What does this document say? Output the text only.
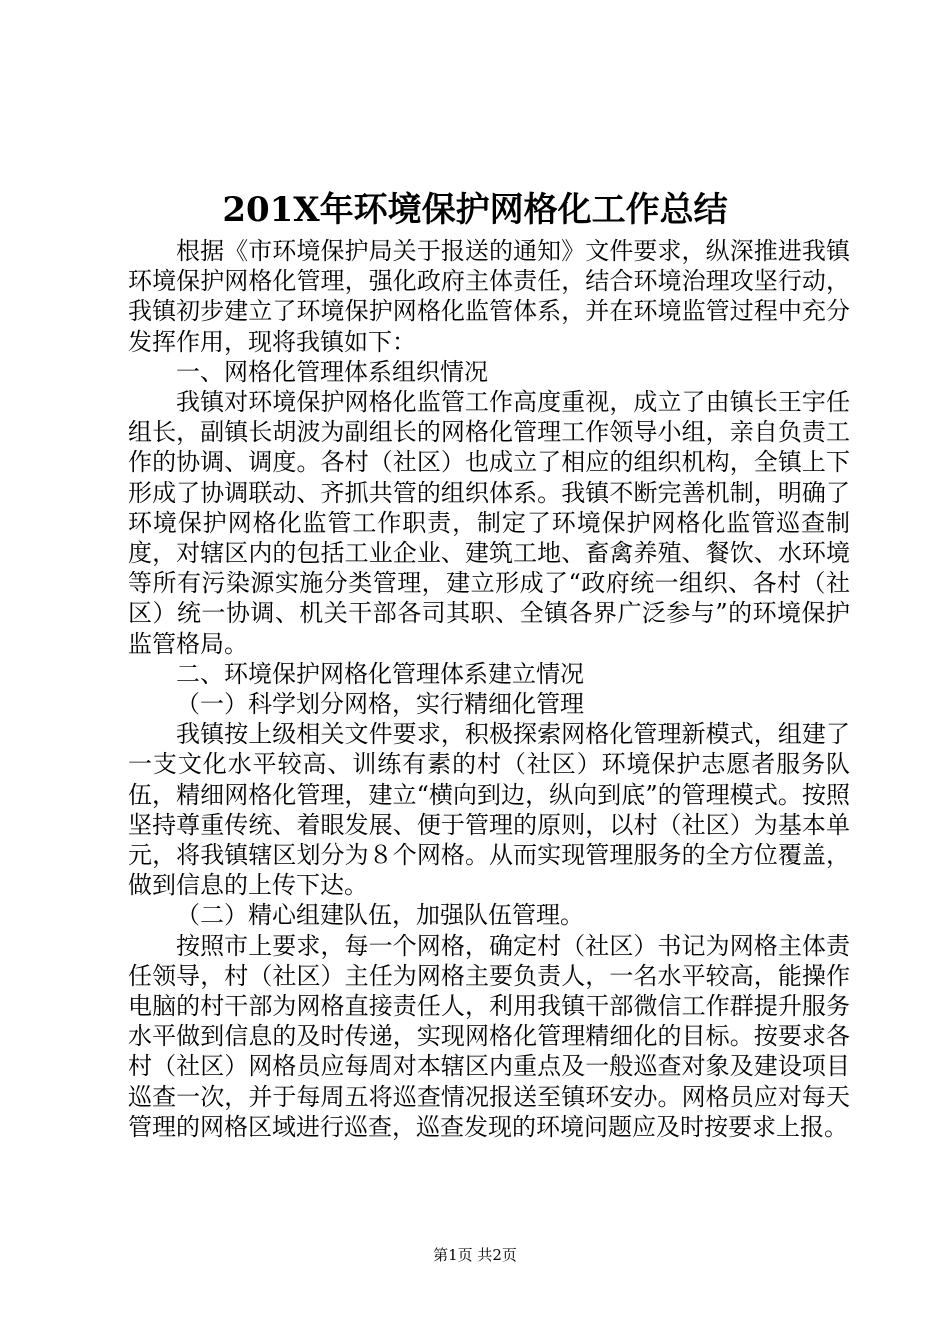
201X年环境保护网格化工作总结

根据《市环境保护局关于报送的通知》文件要求，纵深推进我镇环境保护网格化管理，强化政府主体责任，结合环境治理攻坚行动，我镇初步建立了环境保护网格化监管体系，并在环境监管过程中充分发挥作用，现将我镇如下：

一、网格化管理体系组织情况

我镇对环境保护网格化监管工作高度重视，成立了由镇长王宇任组长，副镇长胡波为副组长的网格化管理工作领导小组，亲自负责工作的协调、调度。各村（社区）也成立了相应的组织机构，全镇上下形成了协调联动、齐抓共管的组织体系。我镇不断完善机制，明确了环境保护网格化监管工作职责，制定了环境保护网格化监管巡查制度，对辖区内的包括工业企业、建筑工地、畜禽养殖、餐饮、水环境等所有污染源实施分类管理，建立形成了“政府统一组织、各村（社区）统一协调、机关干部各司其职、全镇各界广泛参与”的环境保护监管格局。

二、环境保护网格化管理体系建立情况

（一）科学划分网格，实行精细化管理

我镇按上级相关文件要求，积极探索网格化管理新模式，组建了一支文化水平较高、训练有素的村（社区）环境保护志愿者服务队伍，精细网格化管理，建立“横向到边，纵向到底”的管理模式。按照坚持尊重传统、着眼发展、便于管理的原则，以村（社区）为基本单元，将我镇辖区划分为８个网格。从而实现管理服务的全方位覆盖，做到信息的上传下达。

（二）精心组建队伍，加强队伍管理。

按照市上要求，每一个网格，确定村（社区）书记为网格主体责任领导，村（社区）主任为网格主要负责人，一名水平较高，能操作电脑的村干部为网格直接责任人，利用我镇干部微信工作群提升服务水平做到信息的及时传递，实现网格化管理精细化的目标。按要求各村（社区）网格员应每周对本辖区内重点及一般巡查对象及建设项目巡查一次，并于每周五将巡查情况报送至镇环安办。网格员应对每天管理的网格区域进行巡查，巡查发现的环境问题应及时按要求上报。

第1页 共2页
